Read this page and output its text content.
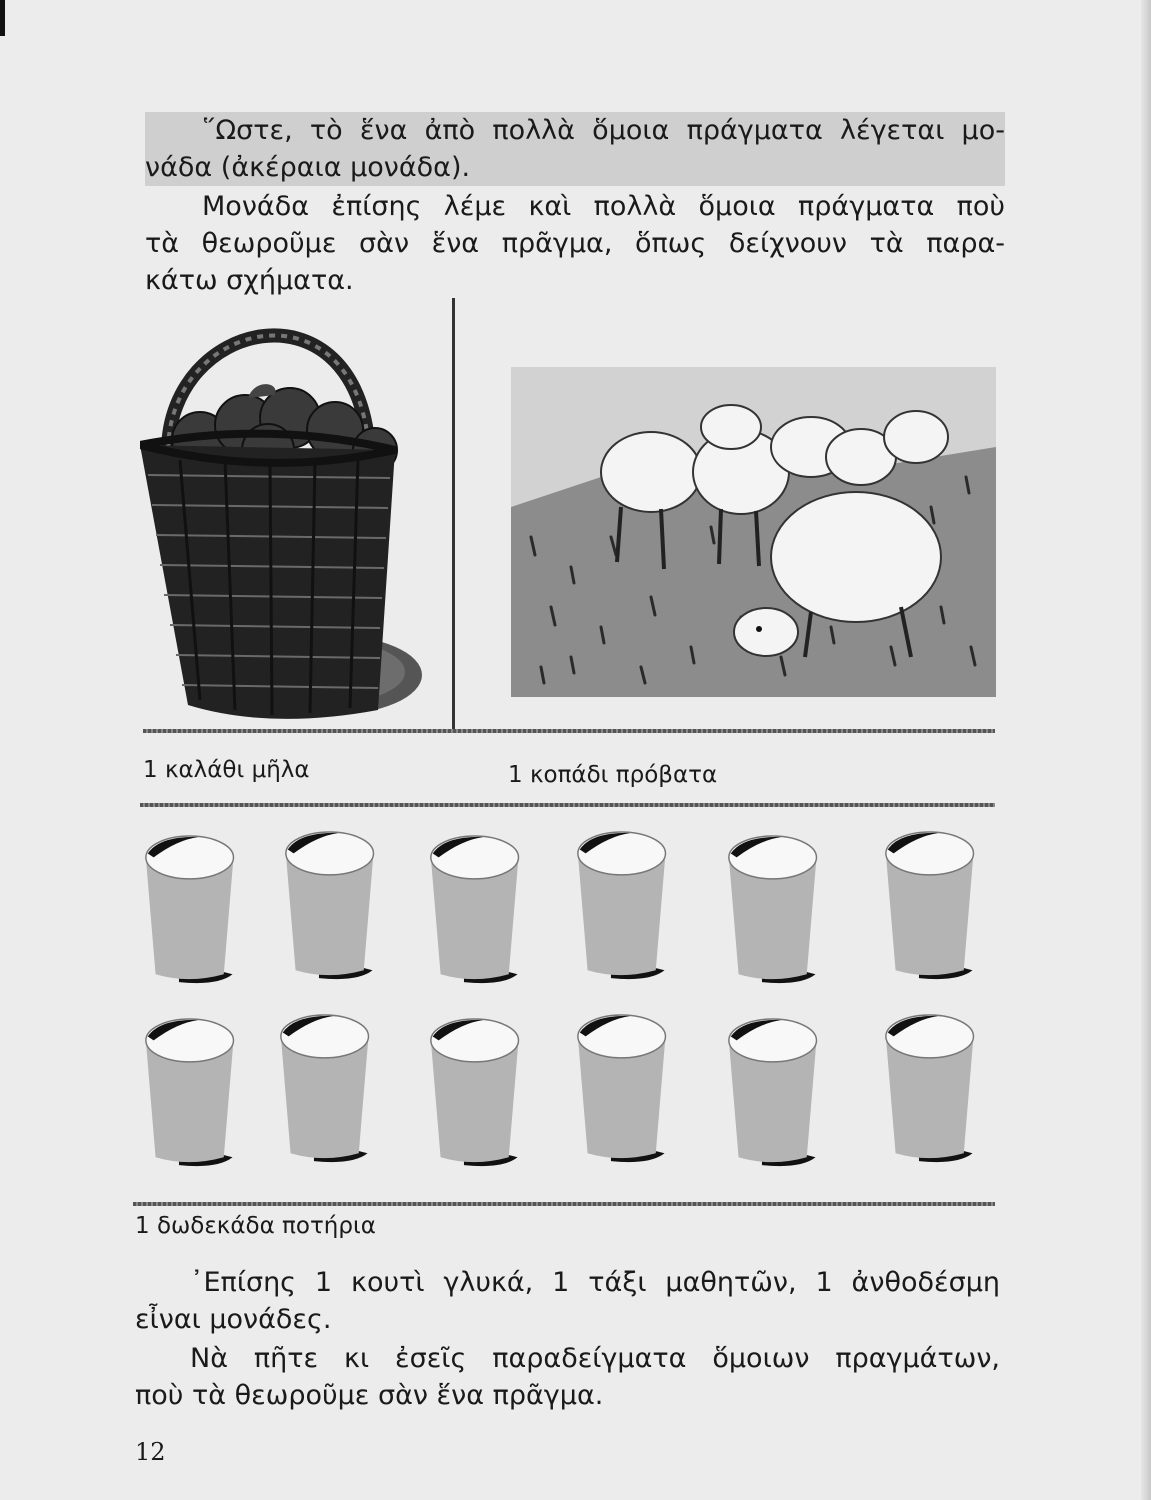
῞Ωστε, τὸ ἕνα ἀπὸ πολλὰ ὅμοια πράγματα λέγεται μο-
νάδα (ἀκέραια μονάδα).
Μονάδα ἐπίσης λέμε καὶ πολλὰ ὅμοια πράγματα ποὺ
τὰ θεωροῦμε σὰν ἕνα πρᾶγμα, ὅπως δείχνουν τὰ παρα-
κάτω σχήματα.
1 καλάθι μῆλα	1 κοπάδι πρόβατα
1 δωδεκάδα ποτήρια
᾿Επίσης 1 κουτὶ γλυκά, 1 τάξι μαθητῶν, 1 ἀνθοδέσμη
εἶναι μονάδες.
Νὰ πῆτε κι ἐσεῖς παραδείγματα ὅμοιων πραγμάτων,
ποὺ τὰ θεωροῦμε σὰν ἕνα πρᾶγμα.
12
